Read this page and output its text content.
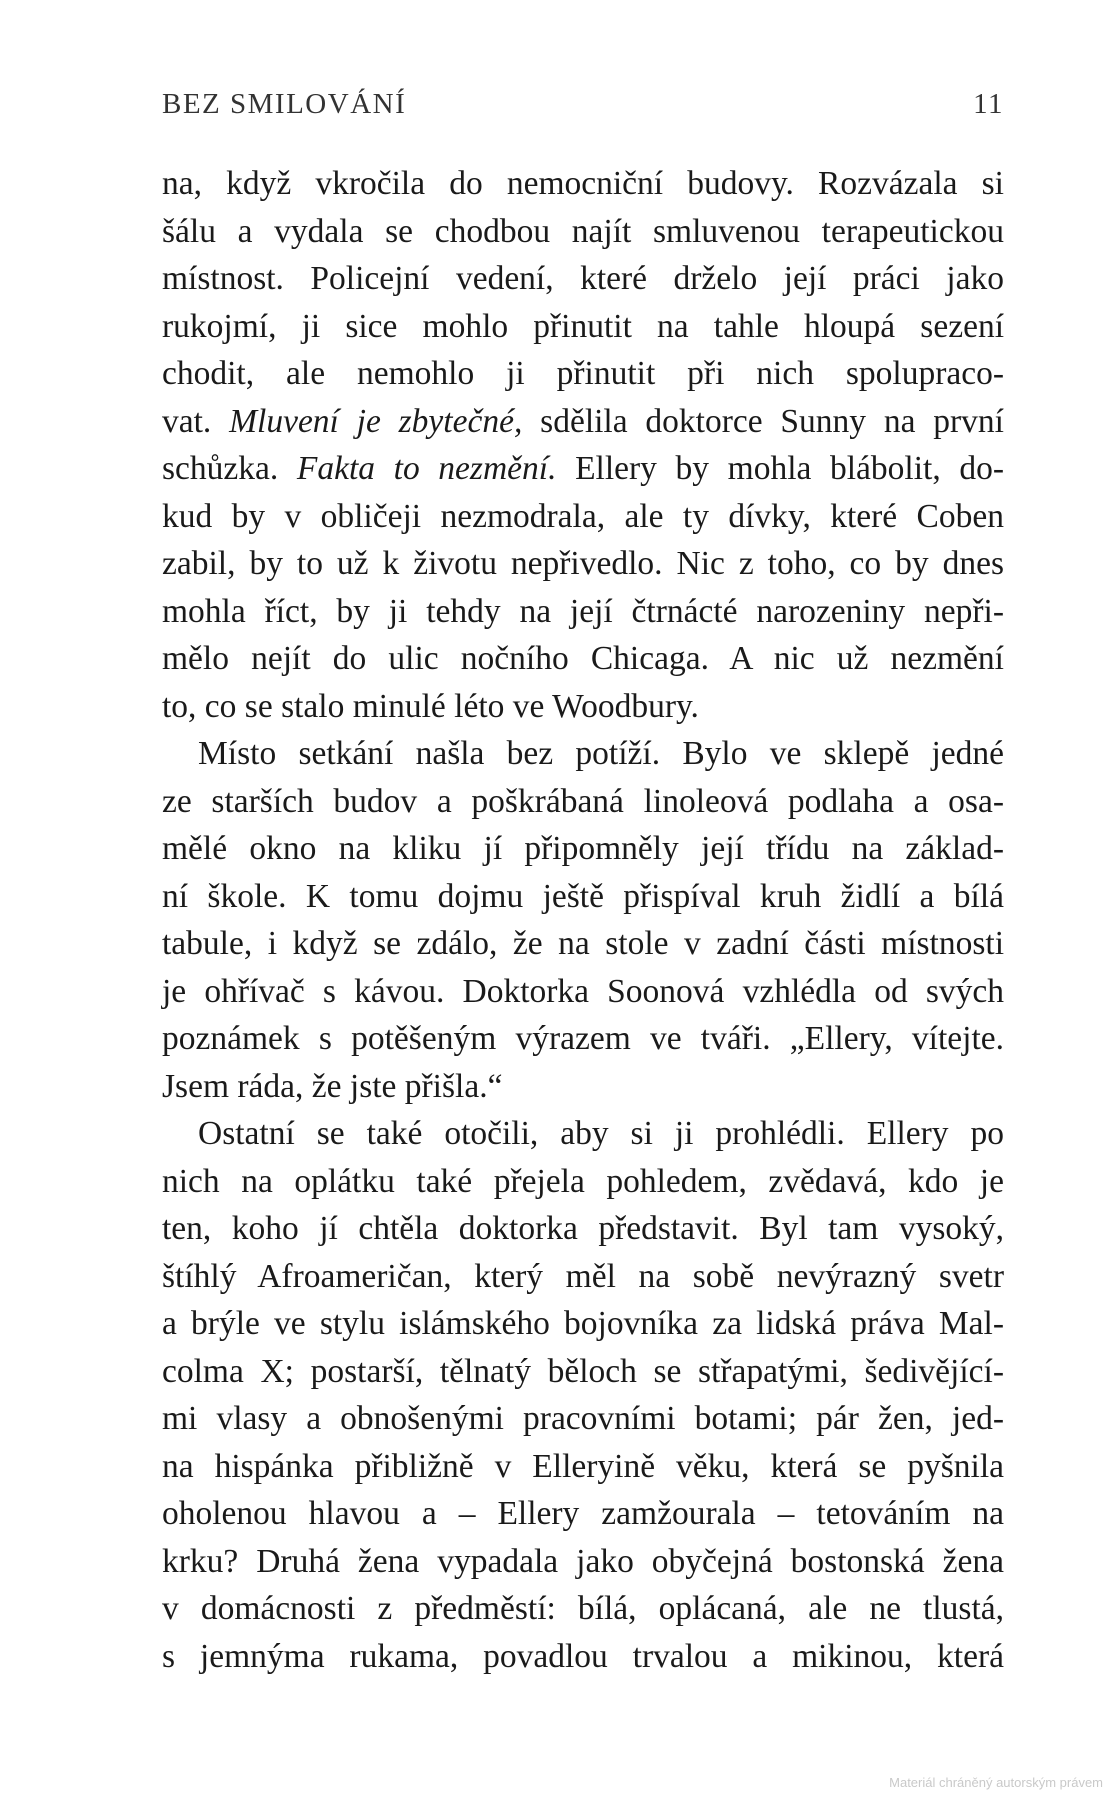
BEZ SMILOVÁNÍ	11

na, když vkročila do nemocniční budovy. Rozvázala si
šálu a vydala se chodbou najít smluvenou terapeutickou
místnost. Policejní vedení, které drželo její práci jako
rukojmí, ji sice mohlo přinutit na tahle hloupá sezení
chodit, ale nemohlo ji přinutit při nich spolupraco-
vat. Mluvení je zbytečné, sdělila doktorce Sunny na první
schůzka. Fakta to nezmění. Ellery by mohla blábolit, do-
kud by v obličeji nezmodrala, ale ty dívky, které Coben
zabil, by to už k životu nepřivedlo. Nic z toho, co by dnes
mohla říct, by ji tehdy na její čtrnácté narozeniny nepři-
mělo nejít do ulic nočního Chicaga. A nic už nezmění
to, co se stalo minulé léto ve Woodbury.

Místo setkání našla bez potíží. Bylo ve sklepě jedné
ze starších budov a poškrábaná linoleová podlaha a osa-
mělé okno na kliku jí připomněly její třídu na základ-
ní škole. K tomu dojmu ještě přispíval kruh židlí a bílá
tabule, i když se zdálo, že na stole v zadní části místnosti
je ohřívač s kávou. Doktorka Soonová vzhlédla od svých
poznámek s potěšeným výrazem ve tváři. „Ellery, vítejte.
Jsem ráda, že jste přišla.“

Ostatní se také otočili, aby si ji prohlédli. Ellery po
nich na oplátku také přejela pohledem, zvědavá, kdo je
ten, koho jí chtěla doktorka představit. Byl tam vysoký,
štíhlý Afroameričan, který měl na sobě nevýrazný svetr
a brýle ve stylu islámského bojovníka za lidská práva Mal-
colma X; postarší, tělnatý běloch se střapatými, šedivějící-
mi vlasy a obnošenými pracovními botami; pár žen, jed-
na hispánka přibližně v Elleryině věku, která se pyšnila
oholenou hlavou a – Ellery zamžourala – tetováním na
krku? Druhá žena vypadala jako obyčejná bostonská žena
v domácnosti z předměstí: bílá, oplácaná, ale ne tlustá,
s jemnýma rukama, povadlou trvalou a mikinou, která

Materiál chráněný autorským právem
